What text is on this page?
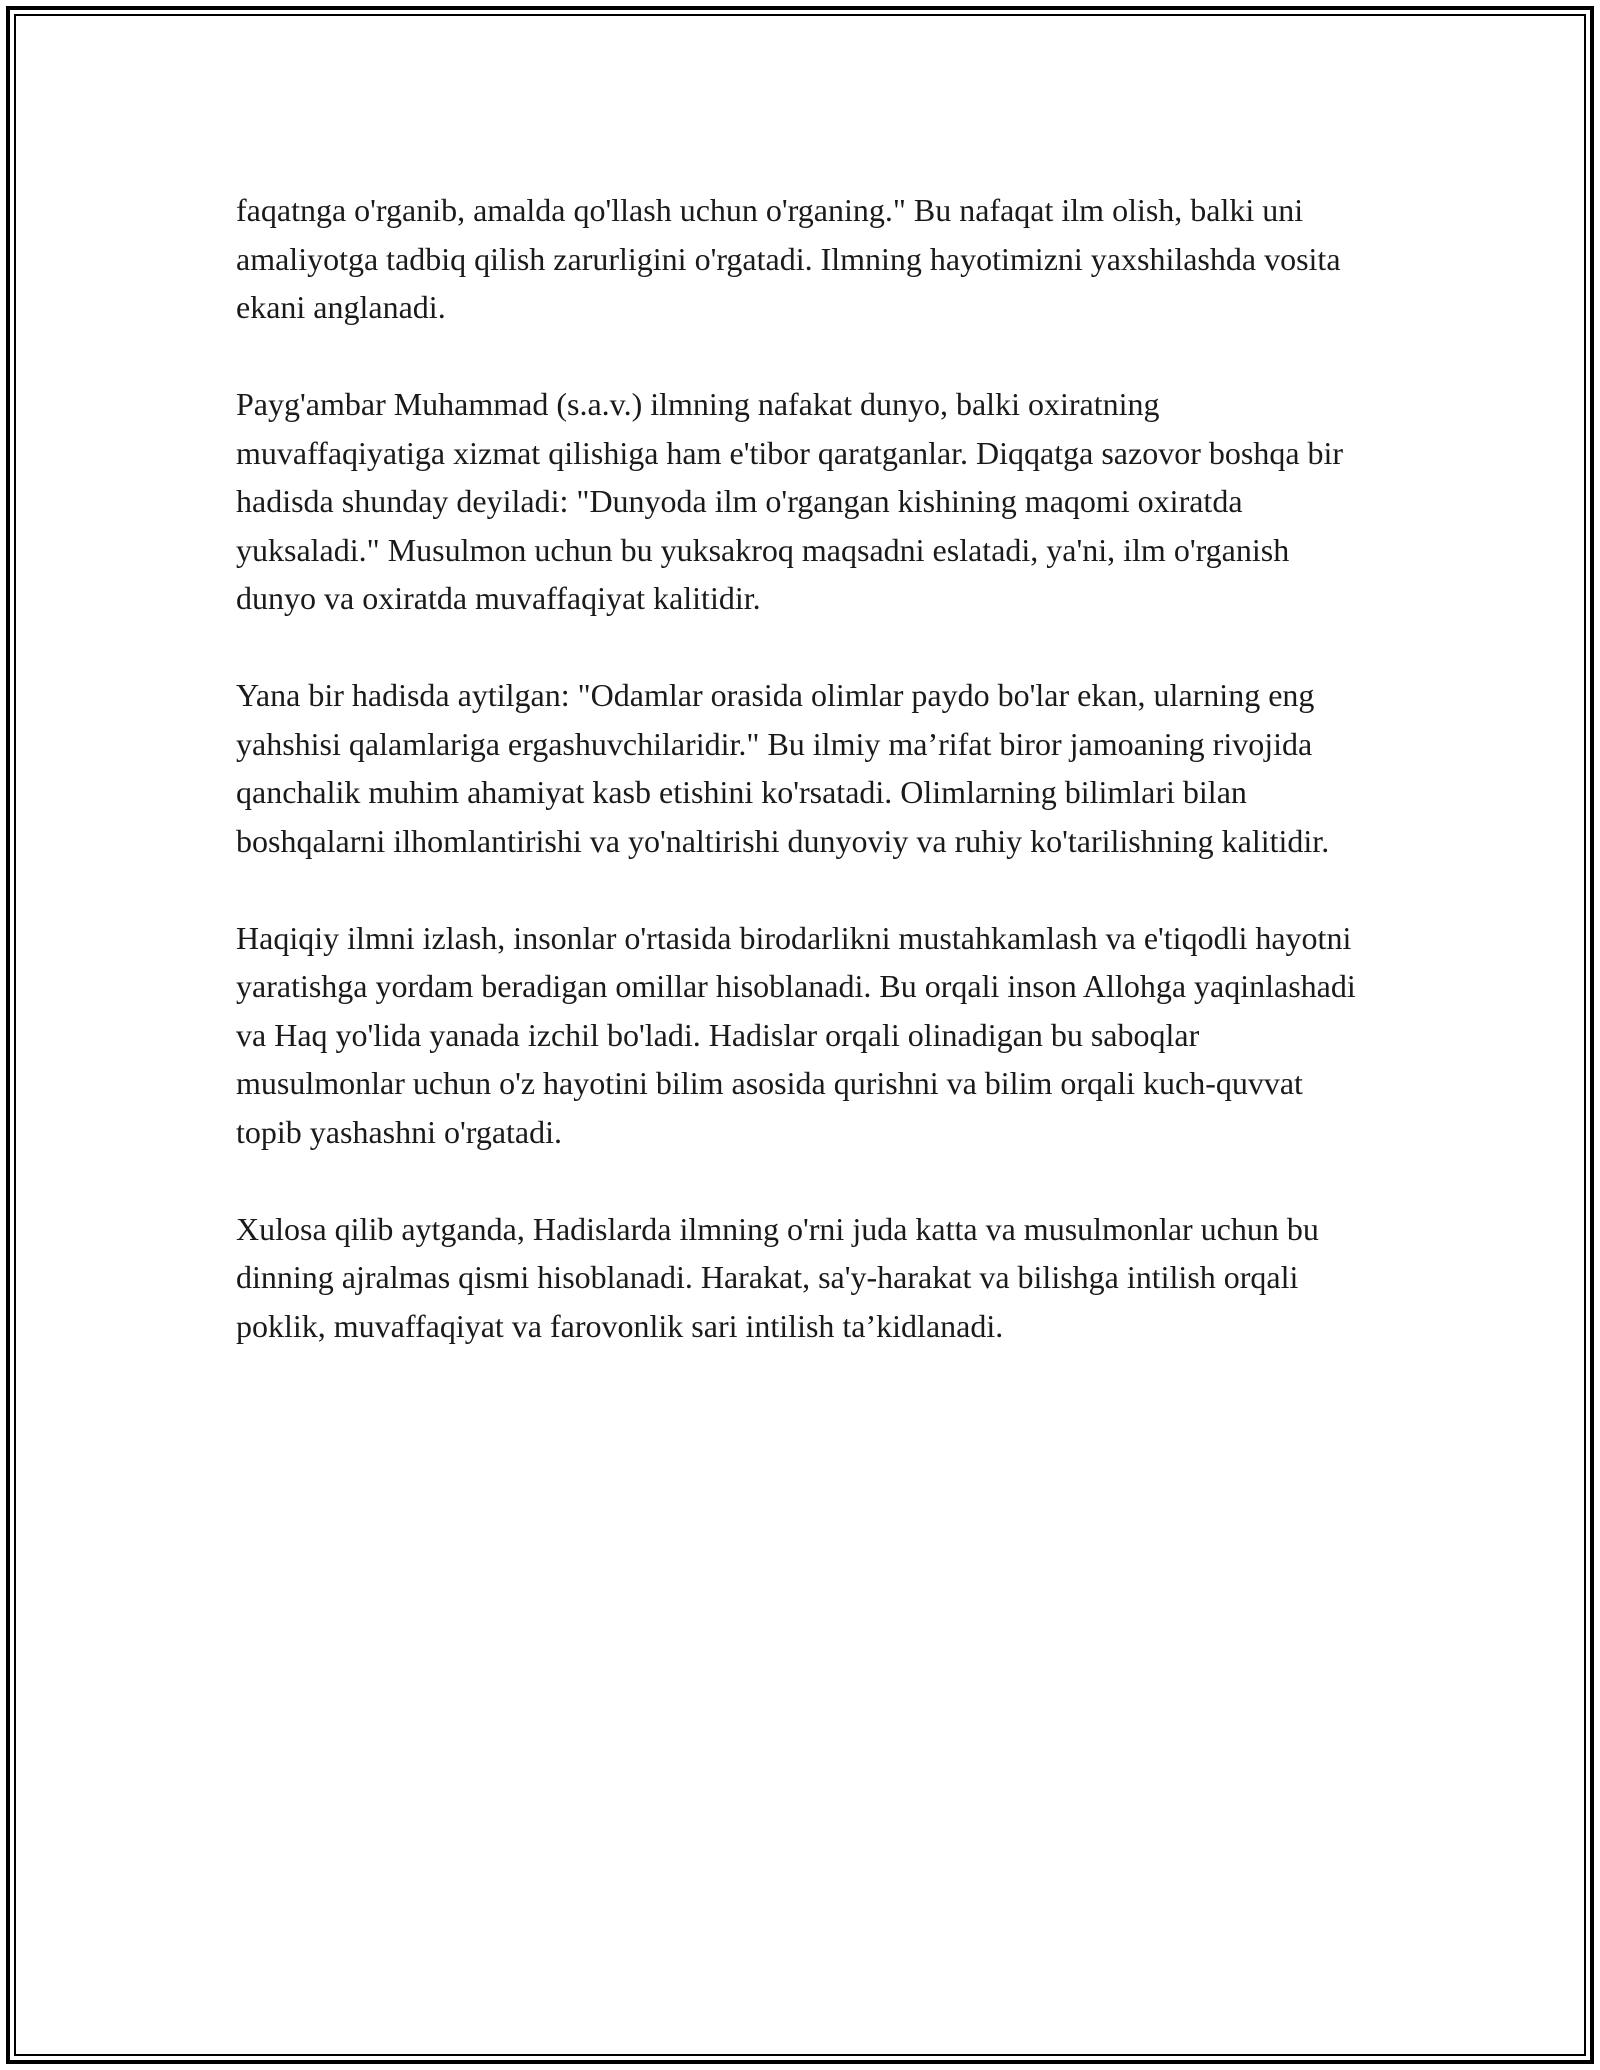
faqatnga o'rganib, amalda qo'llash uchun o'rganing." Bu nafaqat ilm olish, balki uni amaliyotga tadbiq qilish zarurligini o'rgatadi. Ilmning hayotimizni yaxshilashda vosita ekani anglanadi.

Payg'ambar Muhammad (s.a.v.) ilmning nafakat dunyo, balki oxiratning muvaffaqiyatiga xizmat qilishiga ham e'tibor qaratganlar. Diqqatga sazovor boshqa bir hadisda shunday deyiladi: "Dunyoda ilm o'rgangan kishining maqomi oxiratda yuksaladi." Musulmon uchun bu yuksakroq maqsadni eslatadi, ya'ni, ilm o'rganish dunyo va oxiratda muvaffaqiyat kalitidir.

Yana bir hadisda aytilgan: "Odamlar orasida olimlar paydo bo'lar ekan, ularning eng yahshisi qalamlariga ergashuvchilaridir." Bu ilmiy ma’rifat biror jamoaning rivojida qanchalik muhim ahamiyat kasb etishini ko'rsatadi. Olimlarning bilimlari bilan boshqalarni ilhomlantirishi va yo'naltirishi dunyoviy va ruhiy ko'tarilishning kalitidir.

Haqiqiy ilmni izlash, insonlar o'rtasida birodarlikni mustahkamlash va e'tiqodli hayotni yaratishga yordam beradigan omillar hisoblanadi. Bu orqali inson Allohga yaqinlashadi va Haq yo'lida yanada izchil bo'ladi. Hadislar orqali olinadigan bu saboqlar musulmonlar uchun o'z hayotini bilim asosida qurishni va bilim orqali kuch-quvvat topib yashashni o'rgatadi.

Xulosa qilib aytganda, Hadislarda ilmning o'rni juda katta va musulmonlar uchun bu dinning ajralmas qismi hisoblanadi. Harakat, sa'y-harakat va bilishga intilish orqali poklik, muvaffaqiyat va farovonlik sari intilish ta’kidlanadi.
